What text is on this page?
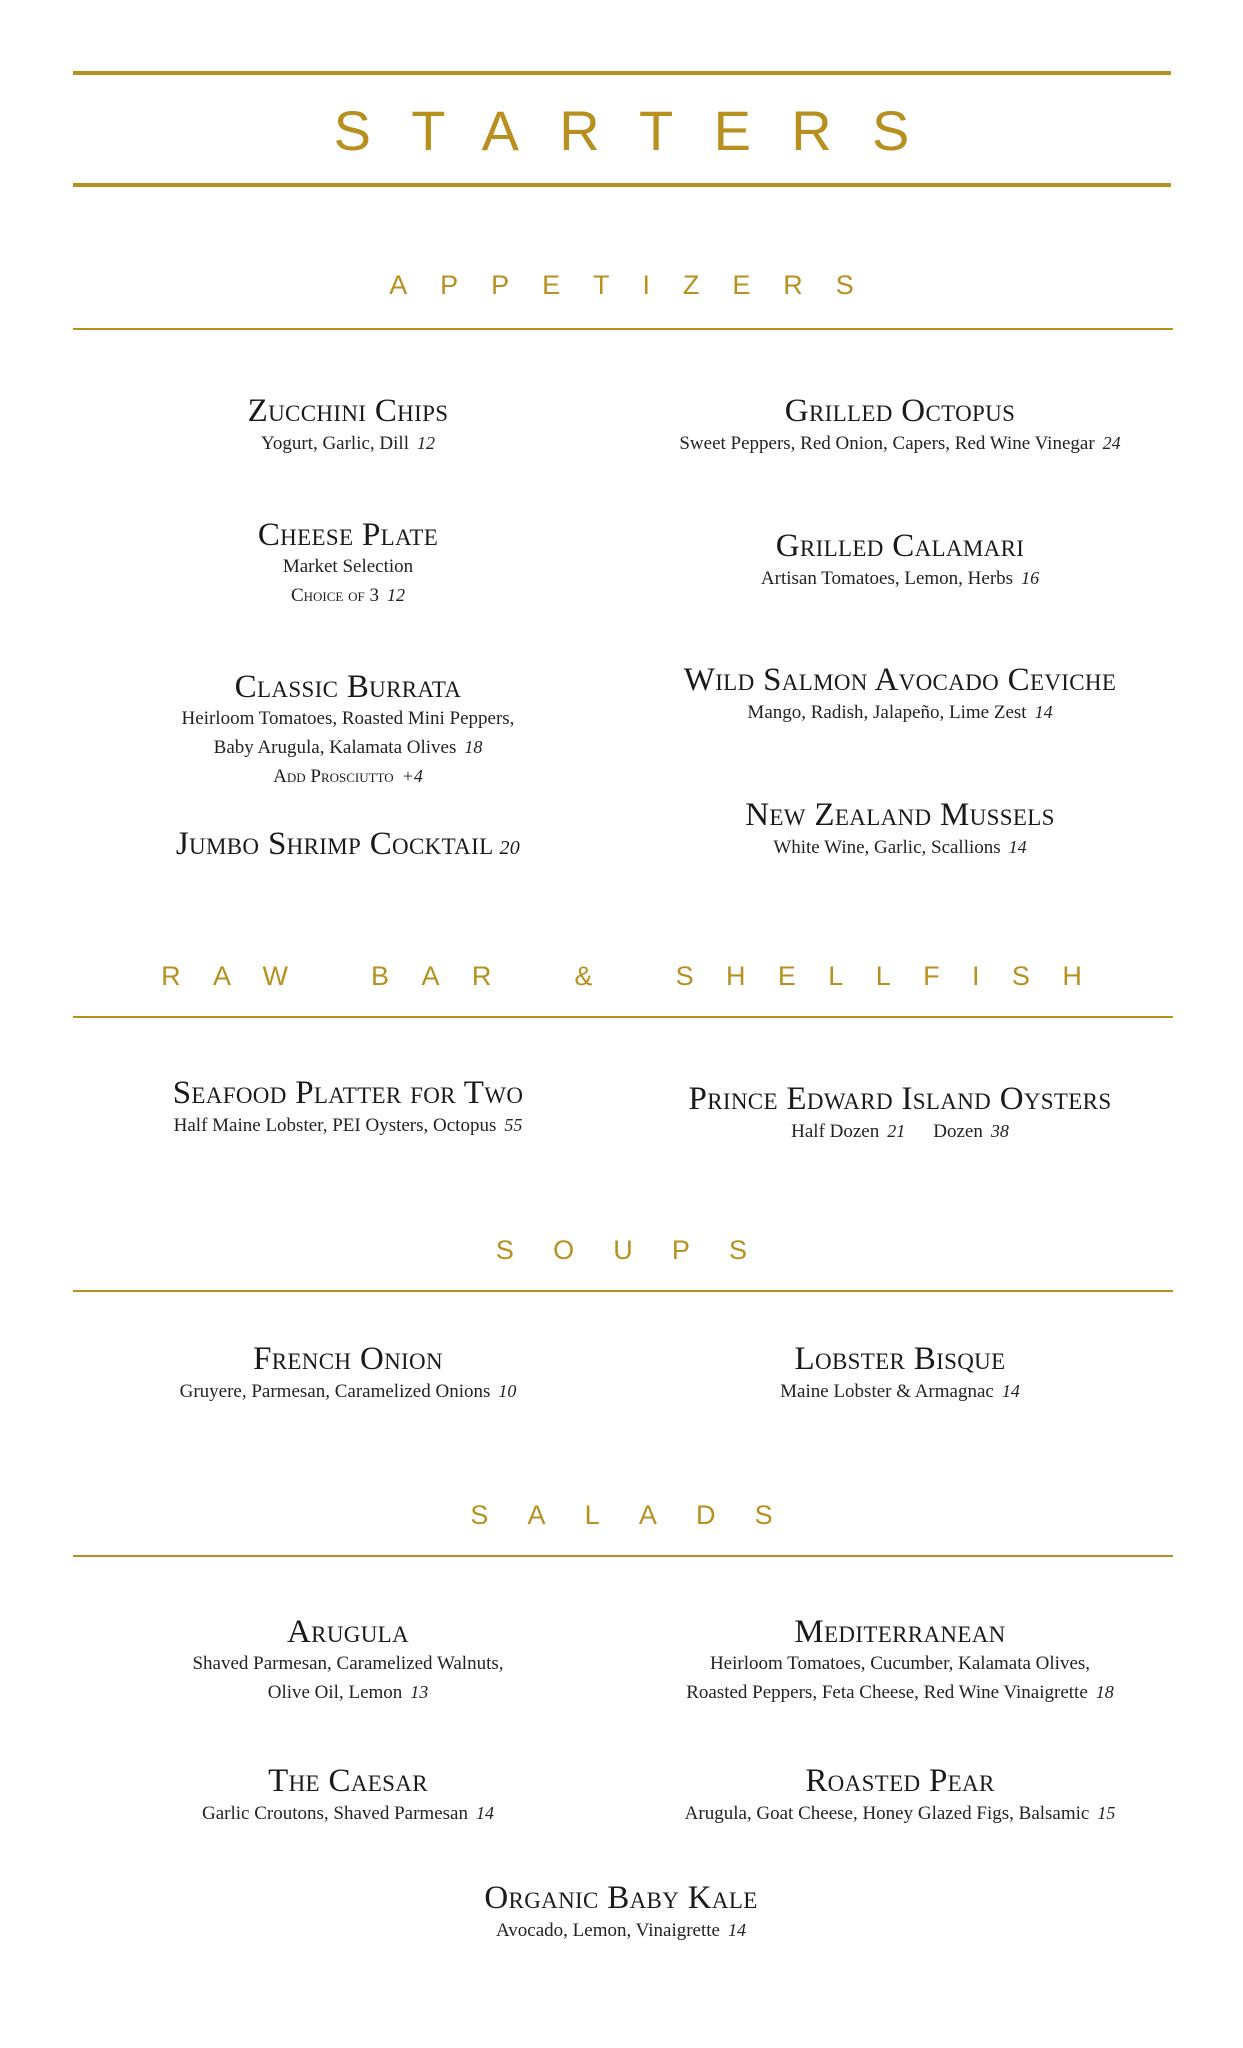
STARTERS
APPETIZERS
Zucchini Chips
Yogurt, Garlic, Dill 12
Grilled Octopus
Sweet Peppers, Red Onion, Capers, Red Wine Vinegar 24
Cheese Plate
Market Selection
Choice of 3 12
Grilled Calamari
Artisan Tomatoes, Lemon, Herbs 16
Classic Burrata
Heirloom Tomatoes, Roasted Mini Peppers,
Baby Arugula, Kalamata Olives 18
Add Prosciutto +4
Wild Salmon Avocado Ceviche
Mango, Radish, Jalapeño, Lime Zest 14
Jumbo Shrimp Cocktail 20
New Zealand Mussels
White Wine, Garlic, Scallions 14
RAW BAR & SHELLFISH
Seafood Platter for Two
Half Maine Lobster, PEI Oysters, Octopus 55
Prince Edward Island Oysters
Half Dozen 21 Dozen 38
SOUPS
French Onion
Gruyere, Parmesan, Caramelized Onions 10
Lobster Bisque
Maine Lobster & Armagnac 14
SALADS
Arugula
Shaved Parmesan, Caramelized Walnuts,
Olive Oil, Lemon 13
Mediterranean
Heirloom Tomatoes, Cucumber, Kalamata Olives,
Roasted Peppers, Feta Cheese, Red Wine Vinaigrette 18
The Caesar
Garlic Croutons, Shaved Parmesan 14
Roasted Pear
Arugula, Goat Cheese, Honey Glazed Figs, Balsamic 15
Organic Baby Kale
Avocado, Lemon, Vinaigrette 14
